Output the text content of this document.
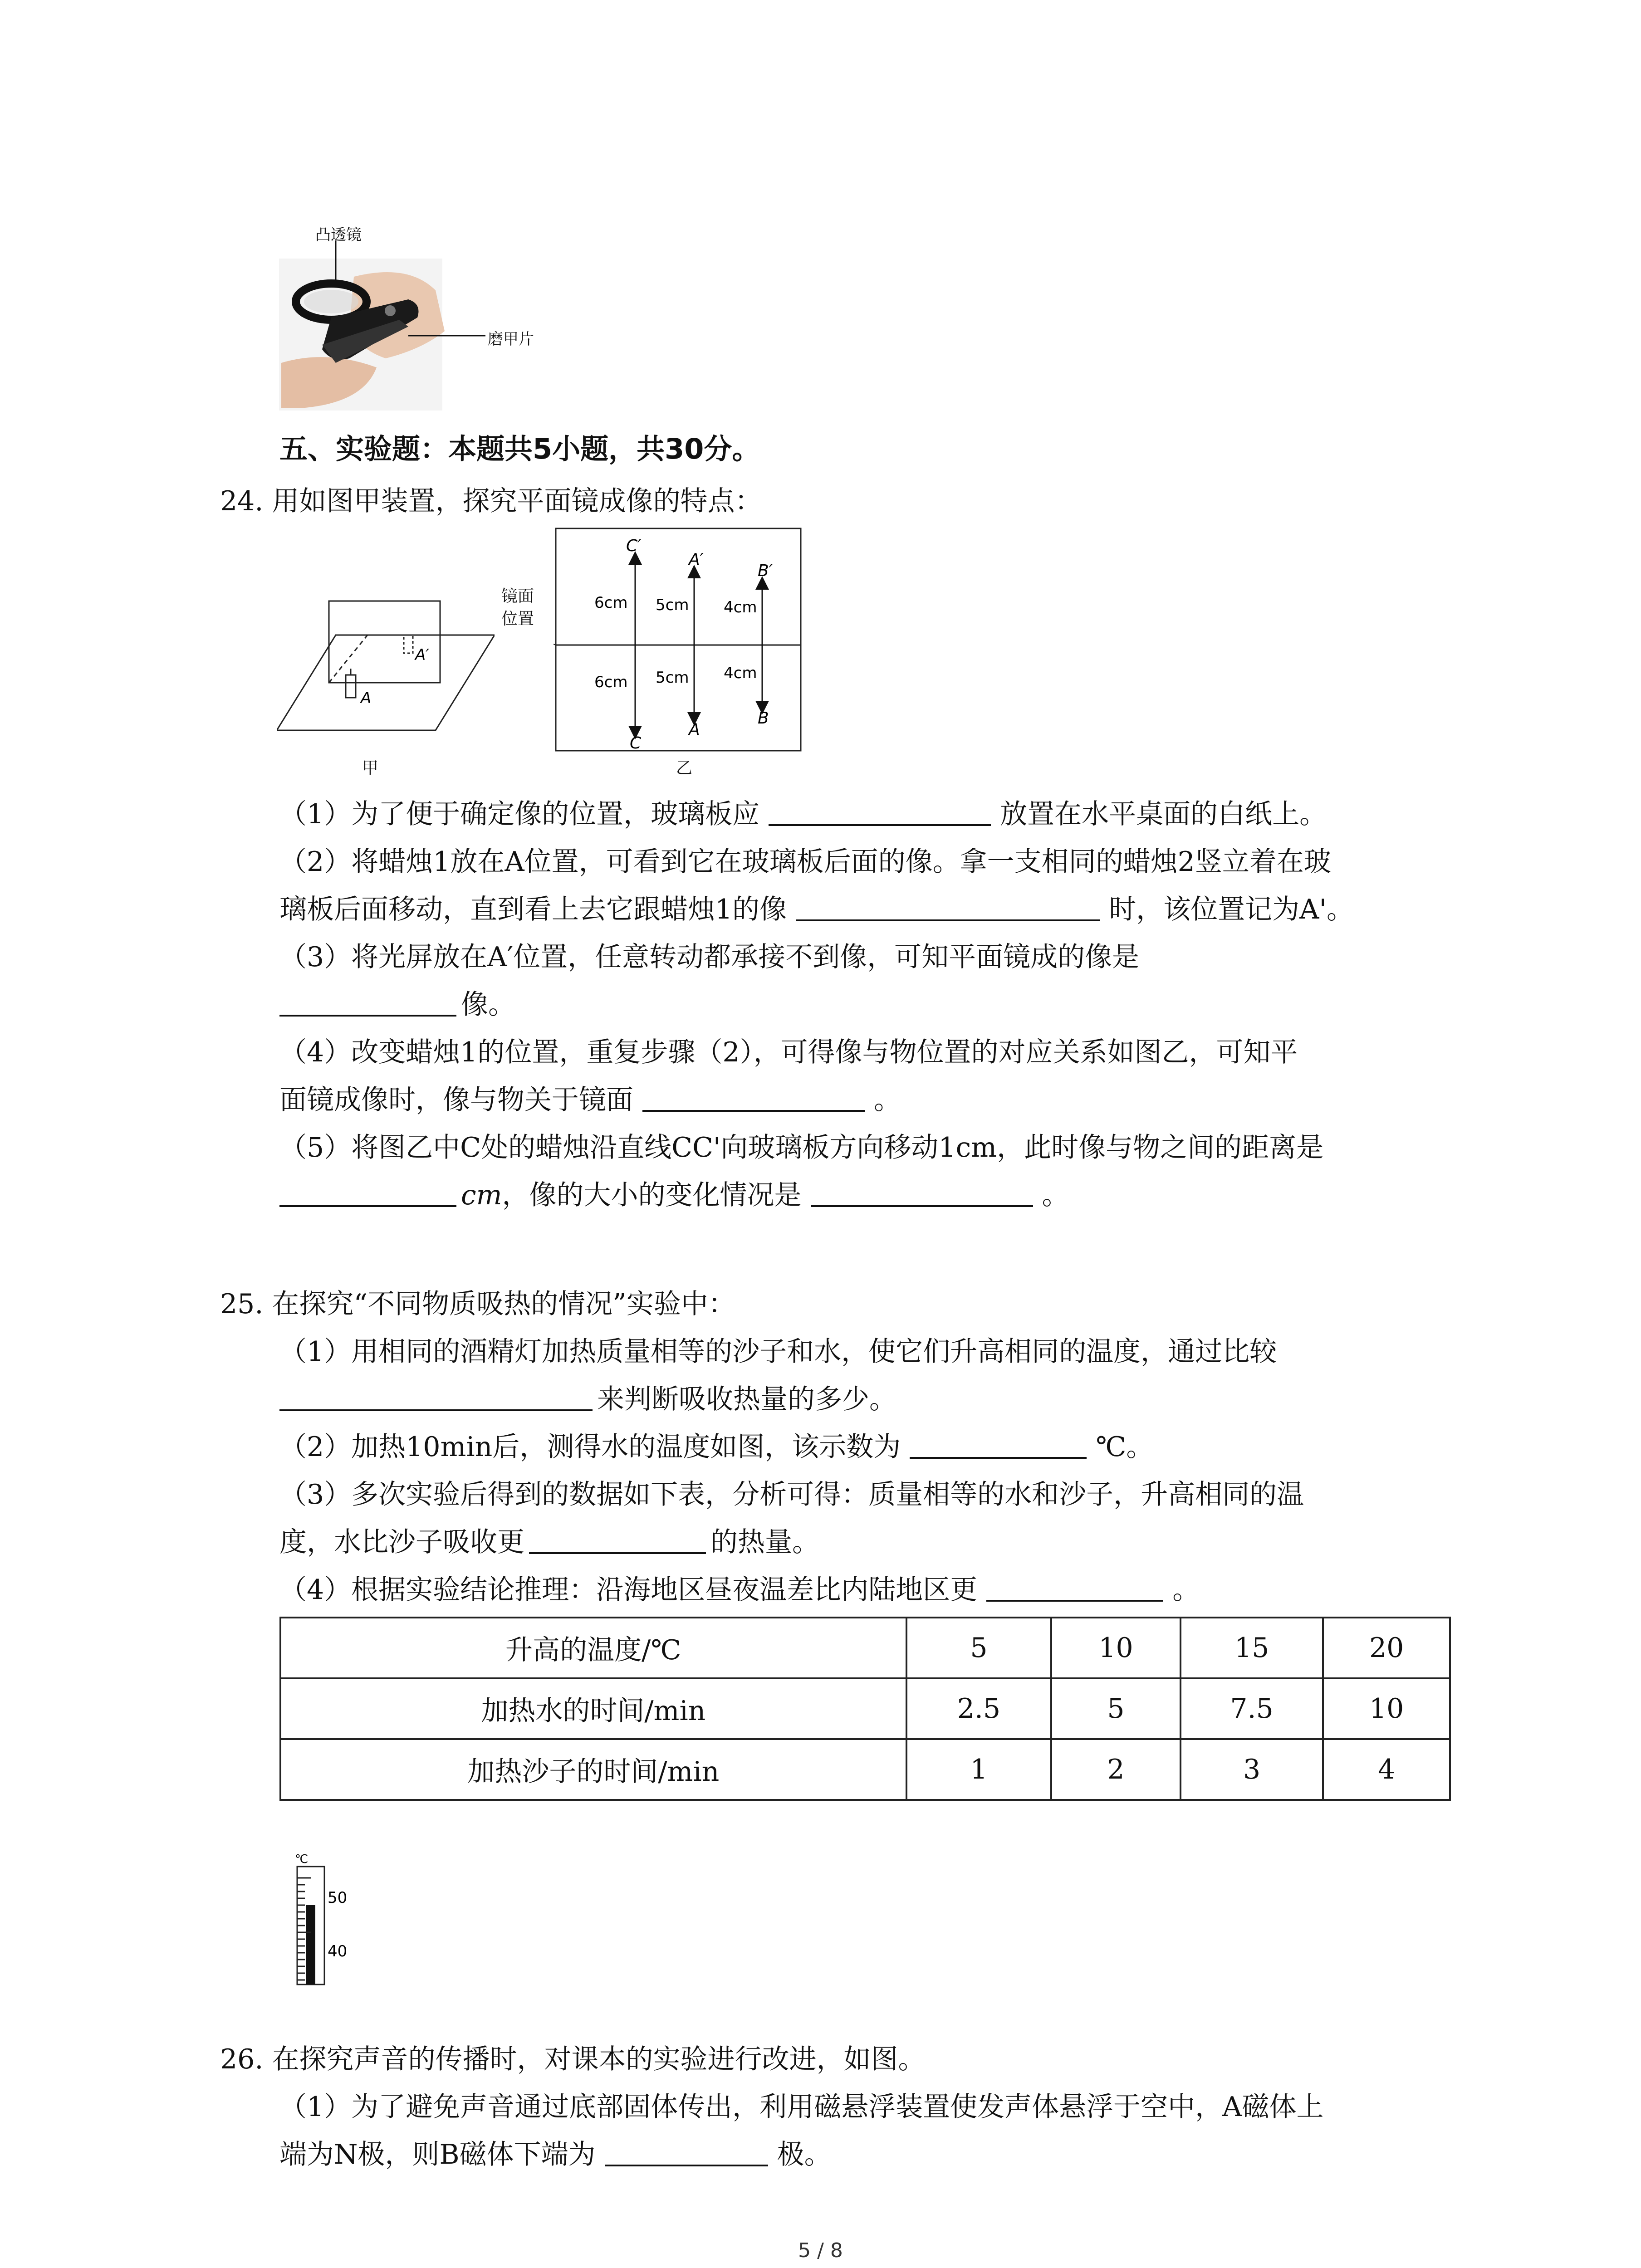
凸透镜
磨甲片
五、实验题：本题共5小题，共30分。
24. 用如图甲装置，探究平面镜成像的特点：
A′
A
甲
镜面
位置
C′
A′
B′
C
A
B
6cm
6cm
5cm
5cm
4cm
4cm
乙
（1）为了便于确定像的位置，玻璃板应	放置在水平桌面的白纸上。
（2）将蜡烛1放在A位置，可看到它在玻璃板后面的像。拿一支相同的蜡烛2竖立着在玻
璃板后面移动，直到看上去它跟蜡烛1的像	时，该位置记为A'。
（3）将光屏放在A′位置，任意转动都承接不到像，可知平面镜成的像是
像。
（4）改变蜡烛1的位置，重复步骤（2），可得像与物位置的对应关系如图乙，可知平
面镜成像时，像与物关于镜面	。
（5）将图乙中C处的蜡烛沿直线CC'向玻璃板方向移动1cm，此时像与物之间的距离是
cm，像的大小的变化情况是	。
25. 在探究“不同物质吸热的情况”实验中：
（1）用相同的酒精灯加热质量相等的沙子和水，使它们升高相同的温度，通过比较
来判断吸收热量的多少。
（2）加热10min后，测得水的温度如图，该示数为	℃。
（3）多次实验后得到的数据如下表，分析可得：质量相等的水和沙子，升高相同的温
度，水比沙子吸收更	的热量。
（4）根据实验结论推理：沿海地区昼夜温差比内陆地区更	。
升高的温度/℃	5	10	15	20
加热水的时间/min	2.5	5	7.5	10
加热沙子的时间/min	1	2	3	4
℃
50
40
26. 在探究声音的传播时，对课本的实验进行改进，如图。
（1）为了避免声音通过底部固体传出，利用磁悬浮装置使发声体悬浮于空中，A磁体上
端为N极，则B磁体下端为	极。
5 / 8
